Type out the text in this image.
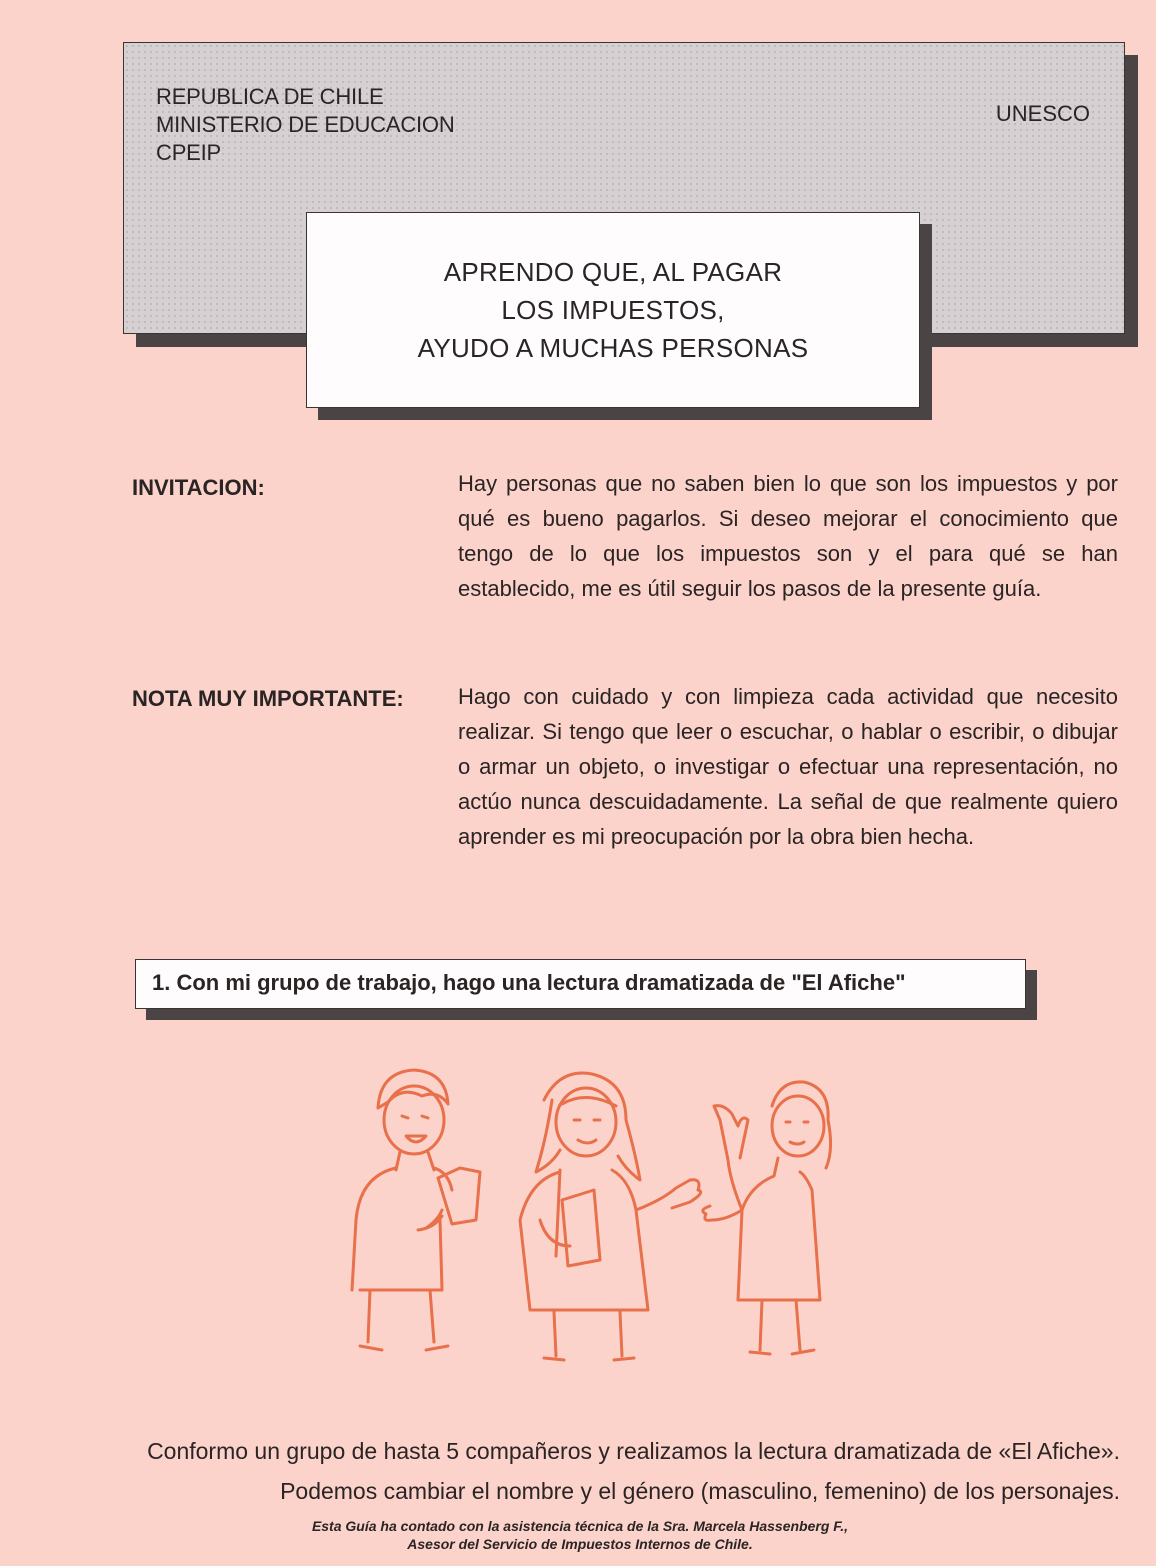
REPUBLICA DE CHILE
MINISTERIO DE EDUCACION
CPEIP
UNESCO
APRENDO QUE, AL PAGAR
LOS IMPUESTOS,
AYUDO A MUCHAS PERSONAS
INVITACION:	Hay personas que no saben bien lo que son los impuestos y por qué es bueno pagarlos. Si deseo mejorar el conocimiento que tengo de lo que los impuestos son y el para qué se han establecido, me es útil seguir los pasos de la presente guía.
NOTA MUY IMPORTANTE: Hago con cuidado y con limpieza cada actividad que necesito realizar. Si tengo que leer o escuchar, o hablar o escribir, o dibujar o armar un objeto, o investigar o efectuar una representación, no actúo nunca descuidadamente. La señal de que realmente quiero aprender es mi preocupación por la obra bien hecha.
1. Con mi grupo de trabajo, hago una lectura dramatizada de "El Afiche"
Conformo un grupo de hasta 5 compañeros y realizamos la lectura dramatizada de «El Afiche». Podemos cambiar el nombre y el género (masculino, femenino) de los personajes.
Esta Guía ha contado con la asistencia técnica de la Sra. Marcela Hassenberg F.,
Asesor del Servicio de Impuestos Internos de Chile.
